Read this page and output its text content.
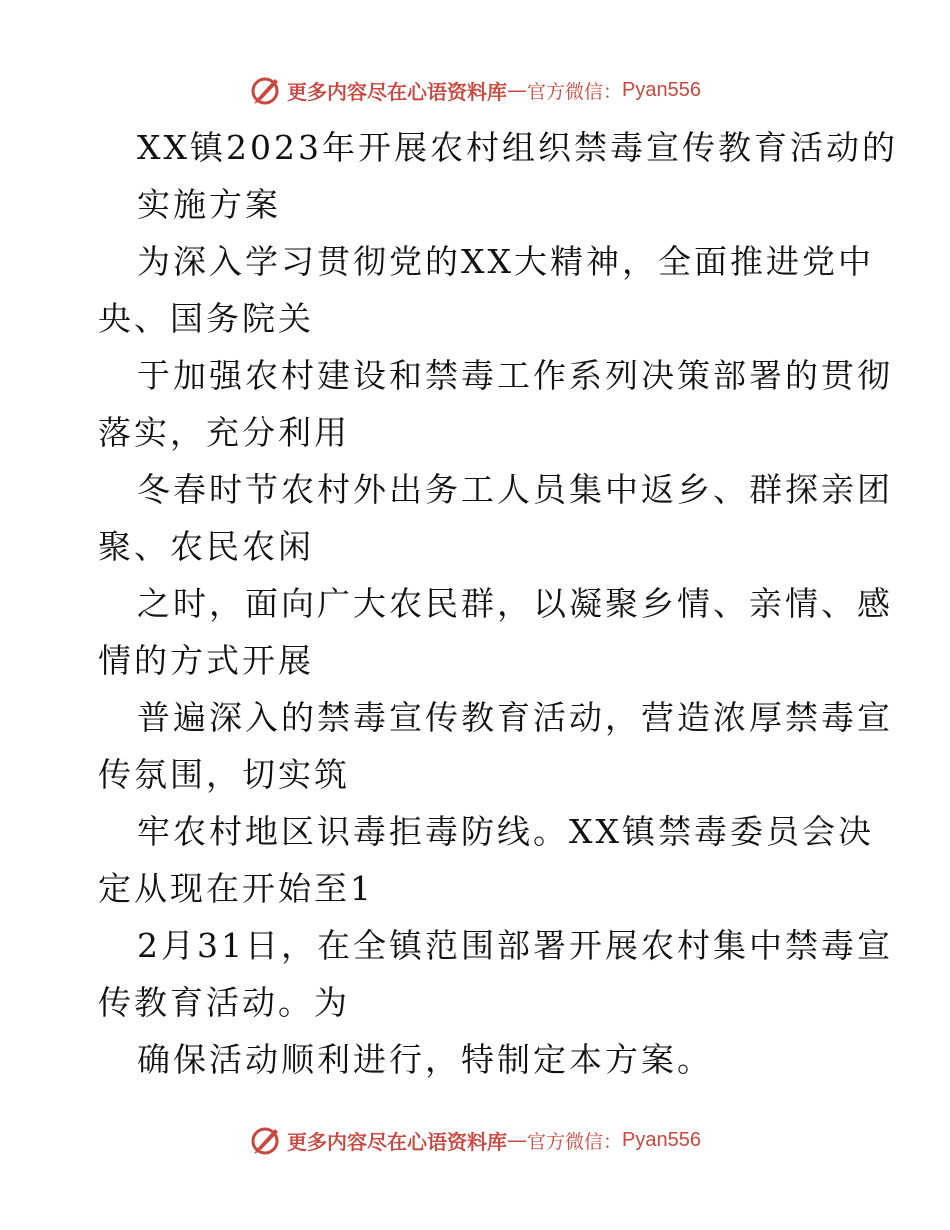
更多内容尽在心语资料库 — 官方微信： Pyan556
XX镇2023年开展农村组织禁毒宣传教育活动的
实施方案
为深入学习贯彻党的XX大精神，全面推进党中
央、国务院关
于加强农村建设和禁毒工作系列决策部署的贯彻
落实，充分利用
冬春时节农村外出务工人员集中返乡、群探亲团
聚、农民农闲
之时，面向广大农民群，以凝聚乡情、亲情、感
情的方式开展
普遍深入的禁毒宣传教育活动，营造浓厚禁毒宣
传氛围，切实筑
牢农村地区识毒拒毒防线。XX镇禁毒委员会决
定从现在开始至1
2月31日，在全镇范围部署开展农村集中禁毒宣
传教育活动。为
确保活动顺利进行，特制定本方案。
更多内容尽在心语资料库 — 官方微信： Pyan556
